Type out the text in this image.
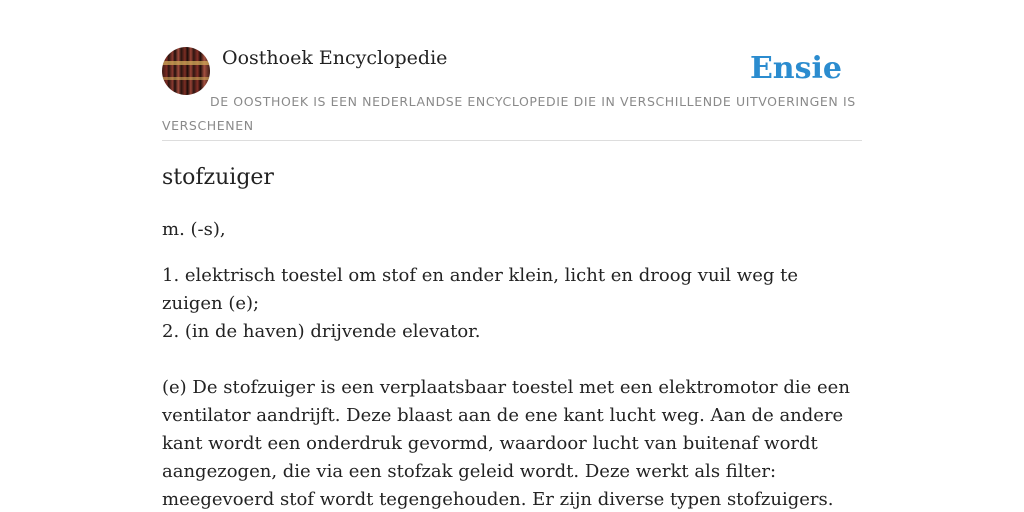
Oosthoek Encyclopedie	Ensie
DE OOSTHOEK IS EEN NEDERLANDSE ENCYCLOPEDIE DIE IN VERSCHILLENDE UITVOERINGEN IS VERSCHENEN
stofzuiger

m. (-s),

1. elektrisch toestel om stof en ander klein, licht en droog vuil weg te zuigen (e);

2. (in de haven) drijvende elevator.

(e) De stofzuiger is een verplaatsbaar toestel met een elektromotor die een ventilator aandrijft. Deze blaast aan de ene kant lucht weg. Aan de andere kant wordt een onderdruk gevormd, waardoor lucht van buitenaf wordt aangezogen, die via een stofzak geleid wordt. Deze werkt als filter: meegevoerd stof wordt tegengehouden. Er zijn diverse typen stofzuigers.
